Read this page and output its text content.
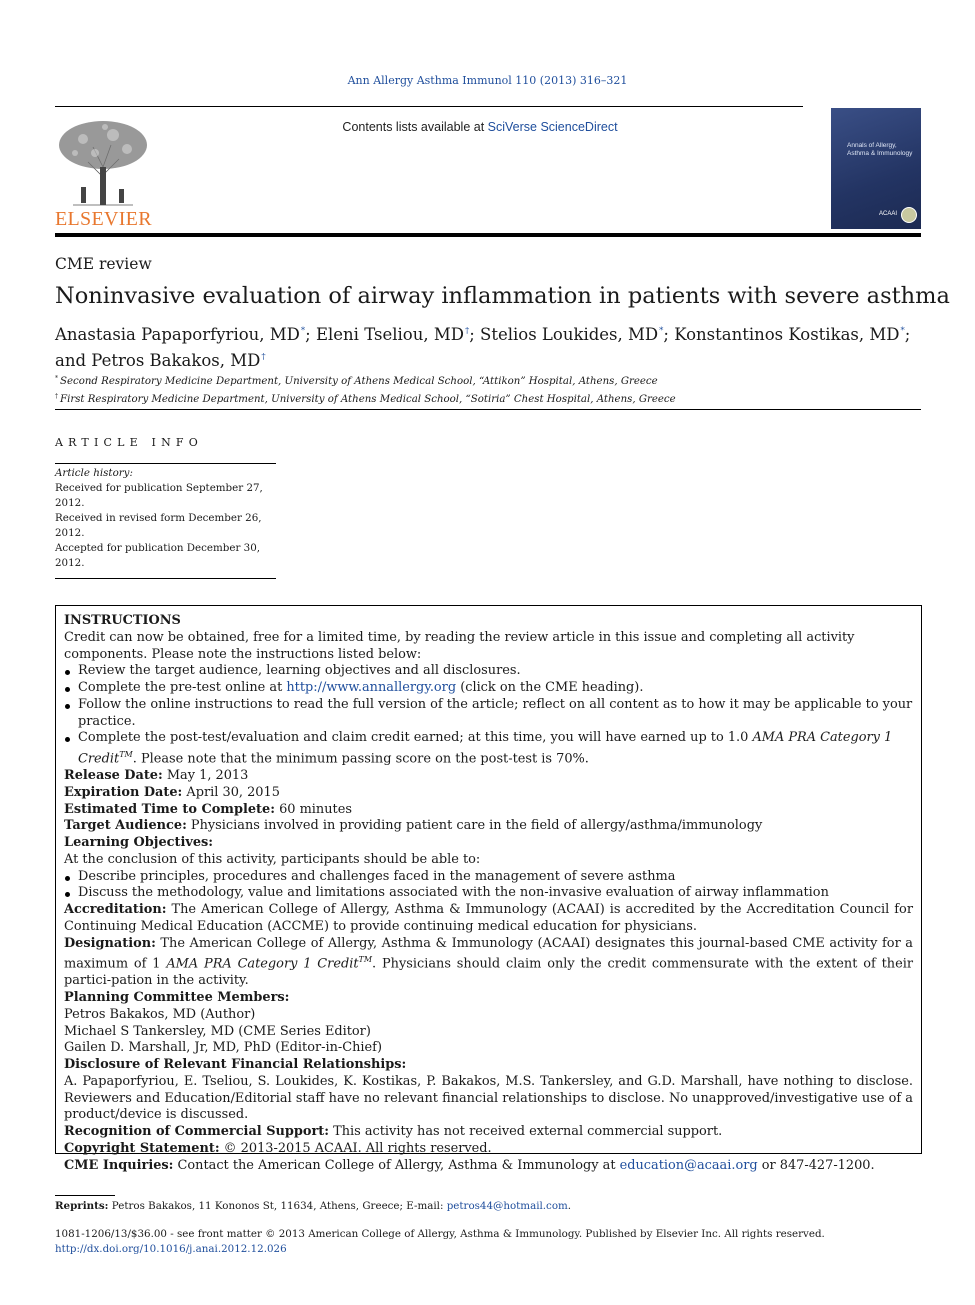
Ann Allergy Asthma Immunol 110 (2013) 316–321
ELSEVIER
Contents lists available at SciVerse ScienceDirect
Annals of Allergy, Asthma & Immunology
ACAAI
CME review
Noninvasive evaluation of airway inflammation in patients with severe asthma
Anastasia Papaporfyriou, MD*; Eleni Tseliou, MD†; Stelios Loukides, MD*; Konstantinos Kostikas, MD*;
and Petros Bakakos, MD†
* Second Respiratory Medicine Department, University of Athens Medical School, “Attikon” Hospital, Athens, Greece
† First Respiratory Medicine Department, University of Athens Medical School, “Sotiria” Chest Hospital, Athens, Greece
ARTICLE INFO
Article history:
Received for publication September 27, 2012.
Received in revised form December 26, 2012.
Accepted for publication December 30, 2012.

INSTRUCTIONS

Credit can now be obtained, free for a limited time, by reading the review article in this issue and completing all activity components. Please note the instructions listed below:

Review the target audience, learning objectives and all disclosures.

Complete the pre-test online at http://www.annallergy.org (click on the CME heading).

Follow the online instructions to read the full version of the article; reflect on all content as to how it may be applicable to your practice.

Complete the post-test/evaluation and claim credit earned; at this time, you will have earned up to 1.0 AMA PRA Category 1 Credit™. Please note that the minimum passing score on the post-test is 70%.

Release Date: May 1, 2013

Expiration Date: April 30, 2015

Estimated Time to Complete: 60 minutes

Target Audience: Physicians involved in providing patient care in the field of allergy/asthma/immunology

Learning Objectives:

At the conclusion of this activity, participants should be able to:

Describe principles, procedures and challenges faced in the management of severe asthma

Discuss the methodology, value and limitations associated with the non-invasive evaluation of airway inflammation

Accreditation: The American College of Allergy, Asthma & Immunology (ACAAI) is accredited by the Accreditation Council for Continuing Medical Education (ACCME) to provide continuing medical education for physicians.

Designation: The American College of Allergy, Asthma & Immunology (ACAAI) designates this journal-based CME activity for a maximum of 1 AMA PRA Category 1 Credit™. Physicians should claim only the credit commensurate with the extent of their partici-pation in the activity.

Planning Committee Members:

Petros Bakakos, MD (Author)

Michael S Tankersley, MD (CME Series Editor)

Gailen D. Marshall, Jr, MD, PhD (Editor-in-Chief)

Disclosure of Relevant Financial Relationships:

A. Papaporfyriou, E. Tseliou, S. Loukides, K. Kostikas, P. Bakakos, M.S. Tankersley, and G.D. Marshall, have nothing to disclose. Reviewers and Education/Editorial staff have no relevant financial relationships to disclose. No unapproved/investigative use of a product/device is discussed.

Recognition of Commercial Support: This activity has not received external commercial support.

Copyright Statement: © 2013-2015 ACAAI. All rights reserved.

CME Inquiries: Contact the American College of Allergy, Asthma & Immunology at education@acaai.org or 847-427-1200.

Reprints: Petros Bakakos, 11 Kononos St, 11634, Athens, Greece; E-mail: petros44@hotmail.com.
1081-1206/13/$36.00 - see front matter © 2013 American College of Allergy, Asthma & Immunology. Published by Elsevier Inc. All rights reserved.
http://dx.doi.org/10.1016/j.anai.2012.12.026
